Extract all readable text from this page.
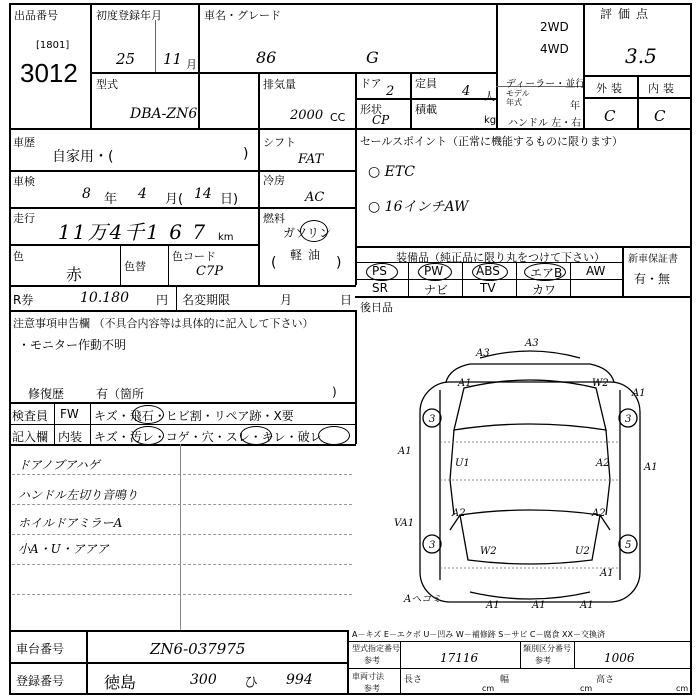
出品番号
[1801]
3012
初度登録年月
25 11 月
車名・グレード
86	G
2WD
4WD
評価点
3.5
型式
DBA-ZN6
排気量
2000 CC
ドア
2
定員
4 人
形状
CP
積載
kg
ディーラー・並行
モデル年式	年
ハンドル 左・右
外装 内装
C	C
車歴
自家用・(	)
シフト
FAT
車検
8 年 4 月( 14 日)
冷房
AC
走行
11万4千1 6 7 km
燃料
ガソリン
軽油
(	)
色
赤	色替
色コード
C7P
R券	10.180 円 名変期限	月	日
セールスポイント（正常に機能するものに限ります）
○ ETC
○ 16インチAW
装備品（純正品に限り丸をつけて下さい） 新車保証書
有・無
PS	PW	ABS	エアB AW
SR	ナビ	TV	カワ
後日品
注意事項申告欄 （不具合内容等は具体的に記入して下さい）
・モニター作動不明
修復歴	有（箇所	)
検査員
記入欄
FW キズ・飛石・ヒビ割・リペア跡・X要
内装 キズ・汚レ・コゲ・穴・スレ・キレ・破レ
ドアノブアハゲ
ハンドル左切り音鳴り
ホイルドアミラーA
小A・U・アアア
A3
A3
A1	W2
A1
3	3
A1
U1	A2	A1
VA1
A2	A2
3	5
W2	U2
A1
A1	A1	A1
Aヘコミ
A－キズ E－エクボ U－凹み W－補修跡 S－サビ C－腐食 XX－交換済
車台番号	ZN6-037975
登録番号 徳島	300 ひ 994
型式指定番号
参考	17116
類別区分番号
参考	1006
車両寸法
参考
長さ
cm
幅
cm
高さ
cm
